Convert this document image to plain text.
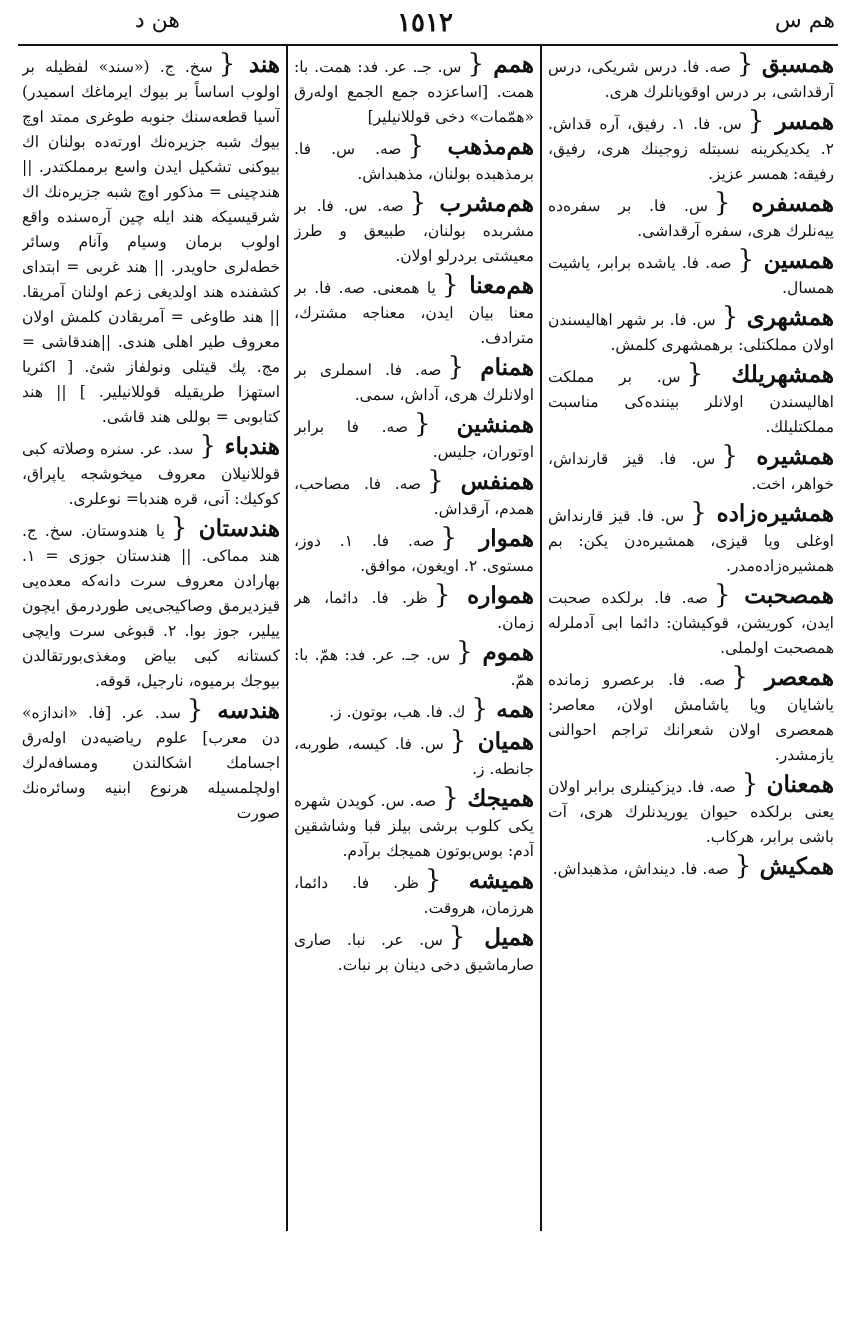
هم س
١٥١٢
هن د
همسبق {صه. فا. درس شريكى، درس آرقداشى، بر درس اوقويانلرك هرى.
همسر {س. فا. ١. رفيق، آره قداش. ٢. يكديكرينه نسبتله زوجينك هرى، رفيق، رفيقه: همسر عزيز.
همسفره {س. فا. بر سفره‌ده ييه‌نلرك هرى، سفره آرقداشى.
همسين {صه. فا. ياشده برابر، ياشيت همسال.
همشهرى {س. فا. بر شهر اهالیسندن اولان مملكتلى: برهمشهرى كلمش.
همشهريلك {س. بر مملكت اهاليسندن اولانلر بيننده‌كى مناسبت مملكتليلك.
همشيره {س. فا. قيز قارنداش، خواهر، اخت.
همشيره‌زاده {س. فا. قيز قارنداش اوغلى ويا قيزى، همشيره‌دن يكن: بم همشيره‌زاده‌مدر.
همصحبت {صه. فا. برلكده صحبت ايدن، كوريشن، قوكيشان: دائما ابى آدملرله همصحبت اولملى.
همعصر {صه. فا. برعصرو زمانده ياشايان ويا ياشامش اولان، معاصر: همعصرى اولان شعرانك تراجم احوالنى يازمشدر.
همعنان {صه. فا. ديزكينلرى برابر اولان يعنى برلكده حيوان يوريدنلرك هرى، آت باشى برابر، هركاب.
همكيش {صه. فا. ديندا‌ش، مذهبداش.
همم {س. جـ. عر. فد: همت. با: همت. [اساعزده جمع الجمع اوله‌رق «همّمات» دخى قوللانيلير]
هم‌مذهب {صه. س. فا. برمذهبده بولنان، مذهبداش.
هم‌مشرب {صه. س. فا. بر مشربده بولنان، طبيعق و طرز معيشتى بردرلو اولان.
هم‌معنا {يا همعنى. صه. فا. بر معنا بيان ايدن، معناجه مشترك، مترادف.
همنام {صه. فا. اسملرى بر اولانلرك هرى، آداش، سمى.
همنشين {صه. فا برابر اوتوران، جليس.
همنفس {صه. فا. مصاحب، همدم، آرقداش.
هموار {صه. فا. ١. دوز، مستوى. ٢. اويغون، موافق.
همواره {ظر. فا. دائما، هر زمان.
هموم {س. جـ. عر. فد: همّ. با: همّ.
همه {ك. فا. هب، بوتون. ز.
هميان {س. فا. كيسه، طوربه، جانطه. ز.
هميجك {صه. س. كويدن شهره يكى كلوب برشى بيلز قبا وشاشقين آدم: بوس‌بوتون هميجك برآدم.
هميشه {ظر. فا. دائما، هرزمان، هروقت.
هميل {س. عر. نبا. صارى صارماشيق دخى دينان بر نبات.
هند {سخ. ج. («سند» لفظيله بر اولوب اساساً بر بيوك ايرماغك اسميدر) آسيا قطعه‌سنك جنوبه طوغرى ممتد اوچ بيوك شبه جزيره‌نك اورته‌ده بولنان اك بيوكنى تشكيل ايدن واسع برمملكتدر. || هندچينى = مذكور اوچ شبه جزيره‌نك اك شرقيسيكه هند ايله چين آره‌سنده واقع اولوب برمان وسيام وآنام وسائر خطه‌لرى حاويدر. || هند غربى = ابتداى كشفنده هند اولديغى زعم اولنان آمريقا. || هند طاوغى = آمريقادن كلمش اولان معروف طير اهلى هندى. ||هندقاشى = مج. پك قيتلى ونولفاز شئ. [ اكثريا استهزا طريقيله قوللانيلير. ] || هند كتابوبى = بوللى هند قاشى.
هندباء {سد. عر. سنره وصلاته كبى قوللانيلان معروف ميخوشجه ياپراق، كوكيك: آنى، قره هندبا= نوعلرى.
هندستان {يا هندوستان. سخ. ج. هند مماكى. || هندستان جوزى = ١. بهارادن معروف سرت دانه‌كه معده‌يى قيزديرمق وصاكيجى‌يى طوردرمق ايچون ييلير، جوز بوا. ٢. قبوغى سرت وايچى كستانه كبى بياض ومغذى‌بورتقالدن بيوجك برميوه، نارجيل، قوقه.
هندسه {سد. عر. [فا. «اندازه» دن معرب] علوم رياضيه‌دن اوله‌رق اجسامك اشكالندن ومسافه‌لرك اولچلمسيله هرنوع ابنيه وسائره‌نك صورت
